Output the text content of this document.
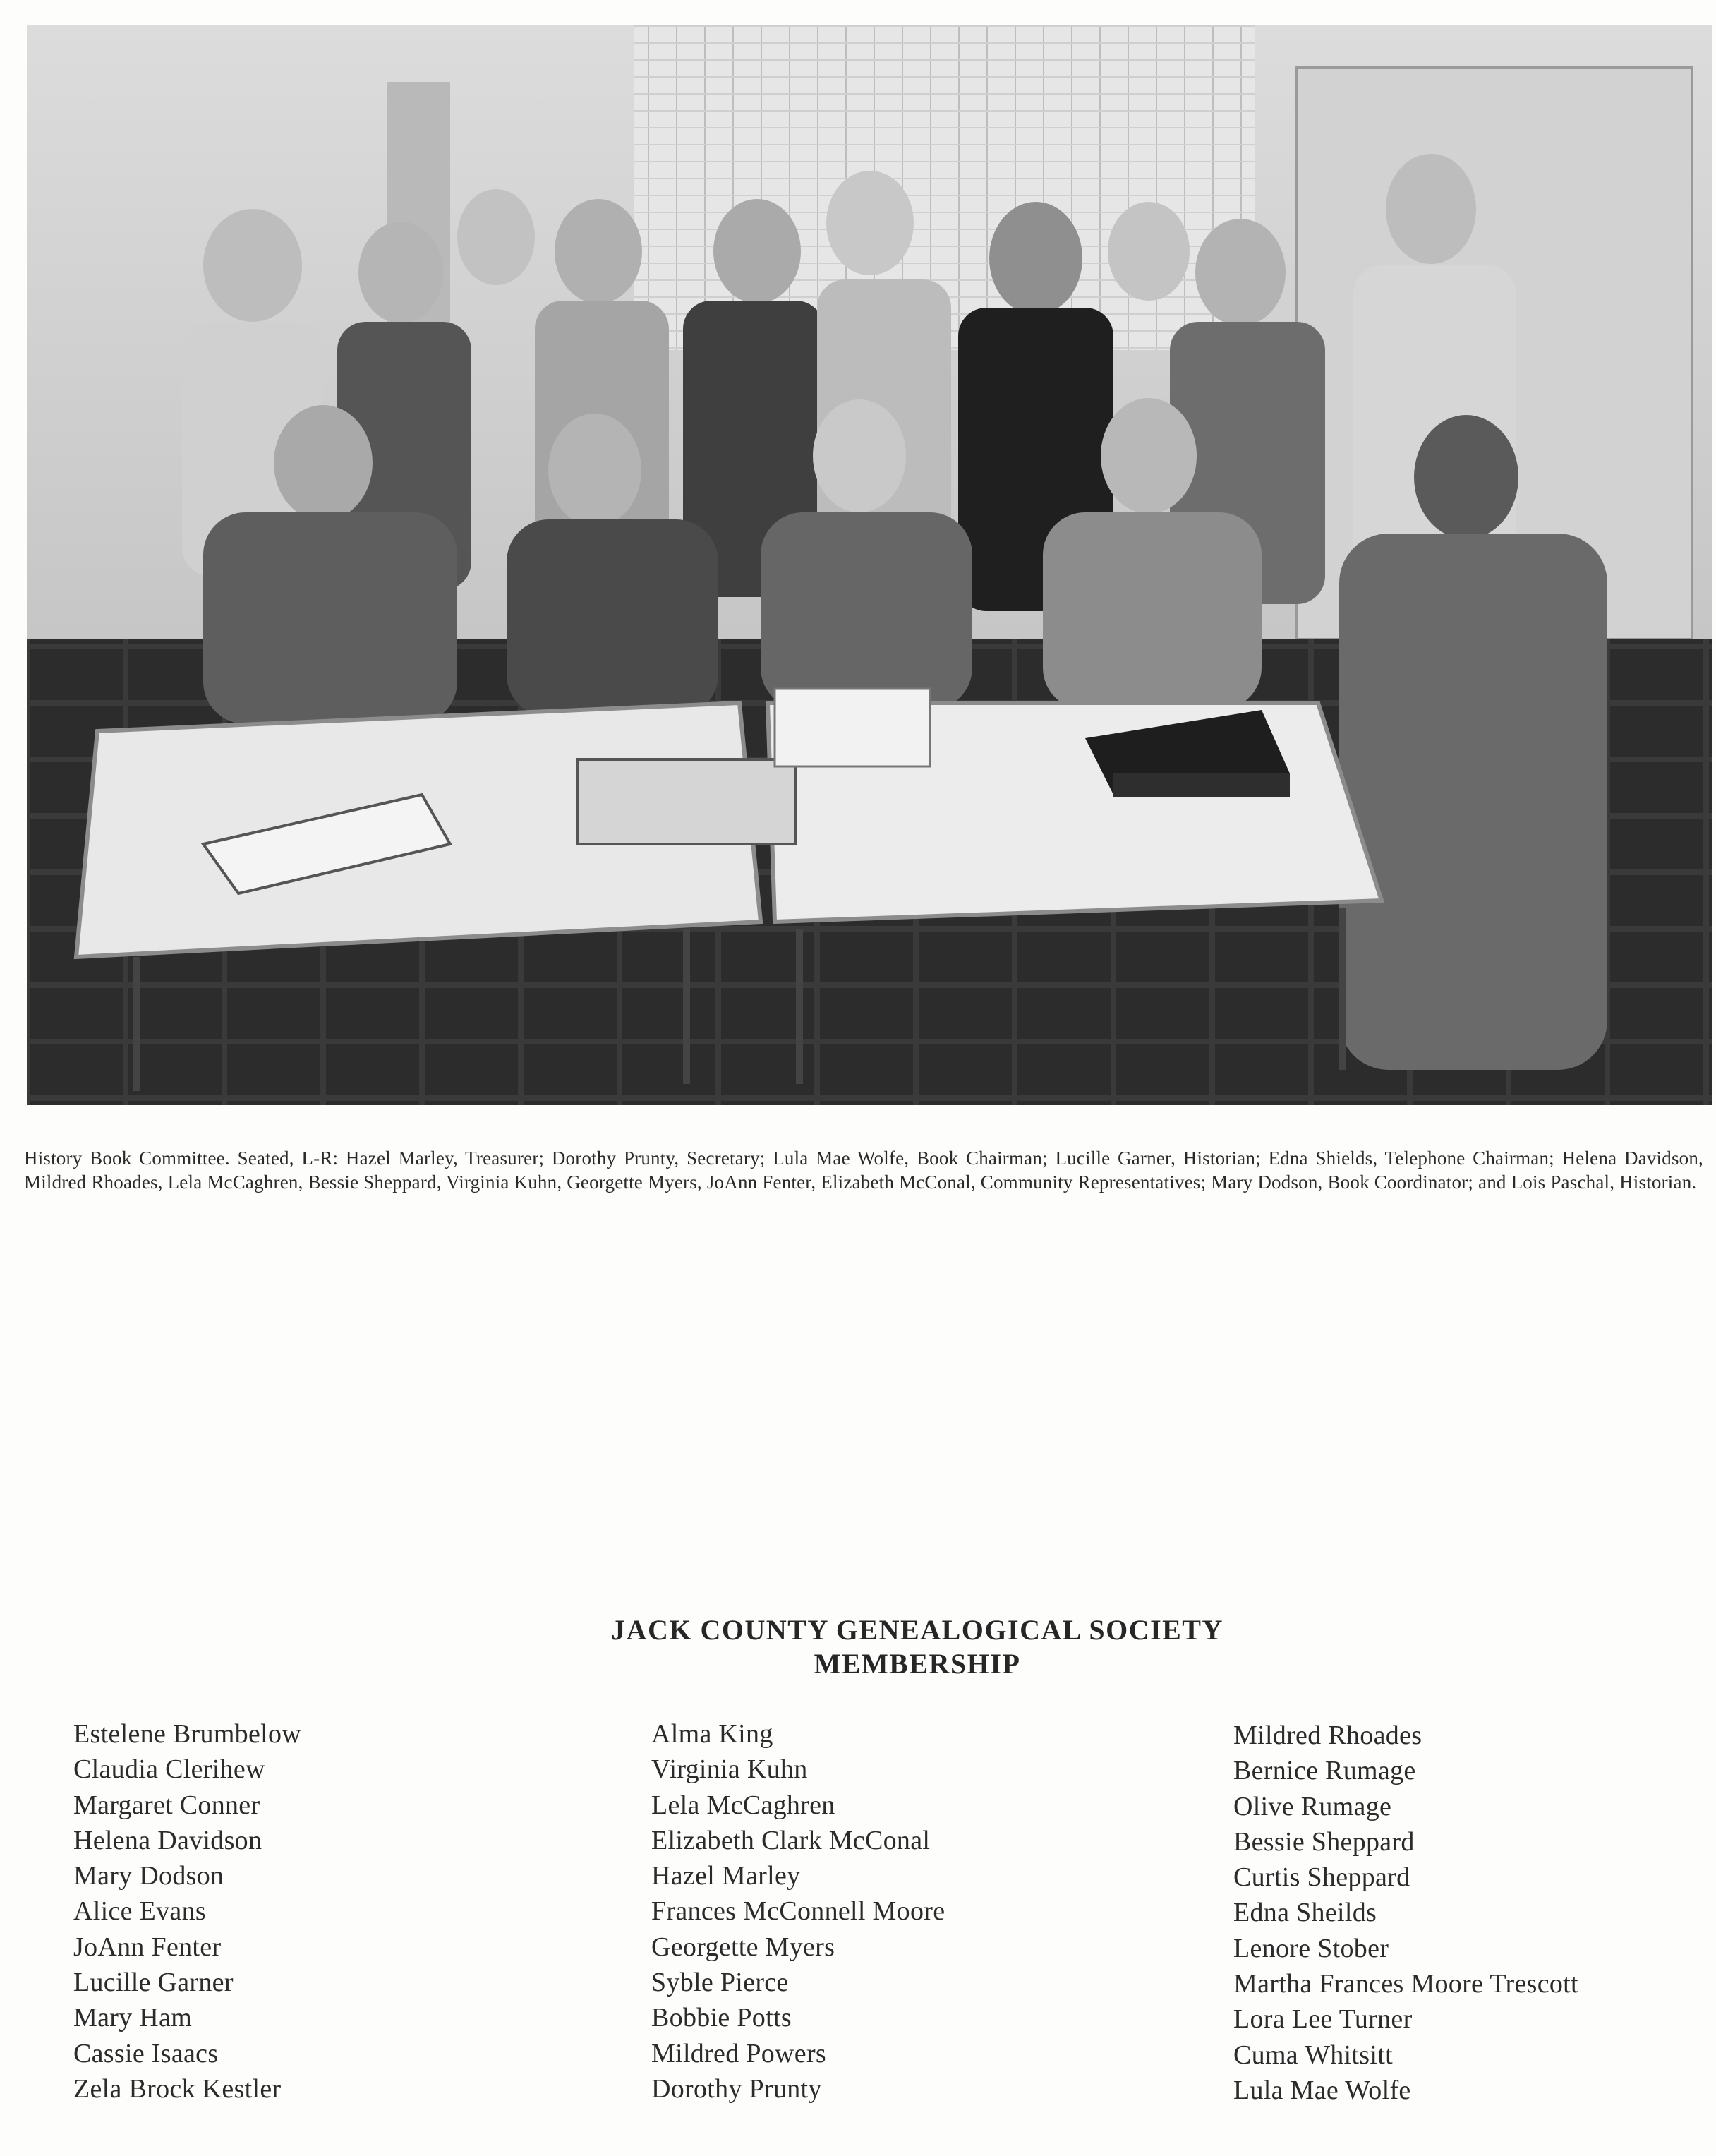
History Book Committee. Seated, L-R: Hazel Marley, Treasurer; Dorothy Prunty, Secretary; Lula Mae Wolfe, Book Chairman; Lucille Garner, Historian; Edna Shields, Telephone Chairman; Helena Davidson, Mildred Rhoades, Lela McCaghren, Bessie Sheppard, Virginia Kuhn, Georgette Myers, JoAnn Fenter, Elizabeth McConal, Community Representatives; Mary Dodson, Book Coordinator; and Lois Paschal, Historian.
JACK COUNTY GENEALOGICAL SOCIETY
MEMBERSHIP
Estelene Brumbelow
Claudia Clerihew
Margaret Conner
Helena Davidson
Mary Dodson
Alice Evans
JoAnn Fenter
Lucille Garner
Mary Ham
Cassie Isaacs
Zela Brock Kestler
Alma King
Virginia Kuhn
Lela McCaghren
Elizabeth Clark McConal
Hazel Marley
Frances McConnell Moore
Georgette Myers
Syble Pierce
Bobbie Potts
Mildred Powers
Dorothy Prunty
Mildred Rhoades
Bernice Rumage
Olive Rumage
Bessie Sheppard
Curtis Sheppard
Edna Sheilds
Lenore Stober
Martha Frances Moore Trescott
Lora Lee Turner
Cuma Whitsitt
Lula Mae Wolfe
